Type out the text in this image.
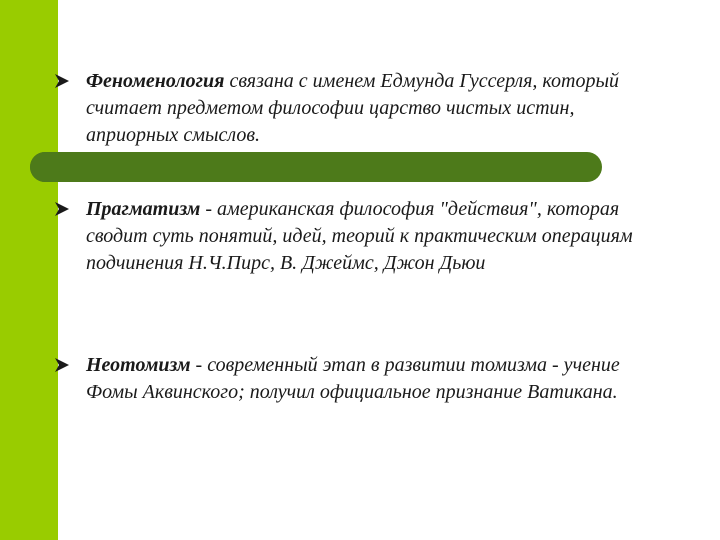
Феноменология связана с именем Едмунда Гуссерля, который считает предметом философии царство чистых истин, априорных смыслов.

Прагматизм - американская философия "действия", которая сводит суть понятий, идей, теорий к практическим операциям подчинения Н.Ч.Пирс, В. Джеймс, Джон Дьюи

Неотомизм - современный этап в развитии томизма - учение Фомы Аквинского; получил официальное признание Ватикана.
